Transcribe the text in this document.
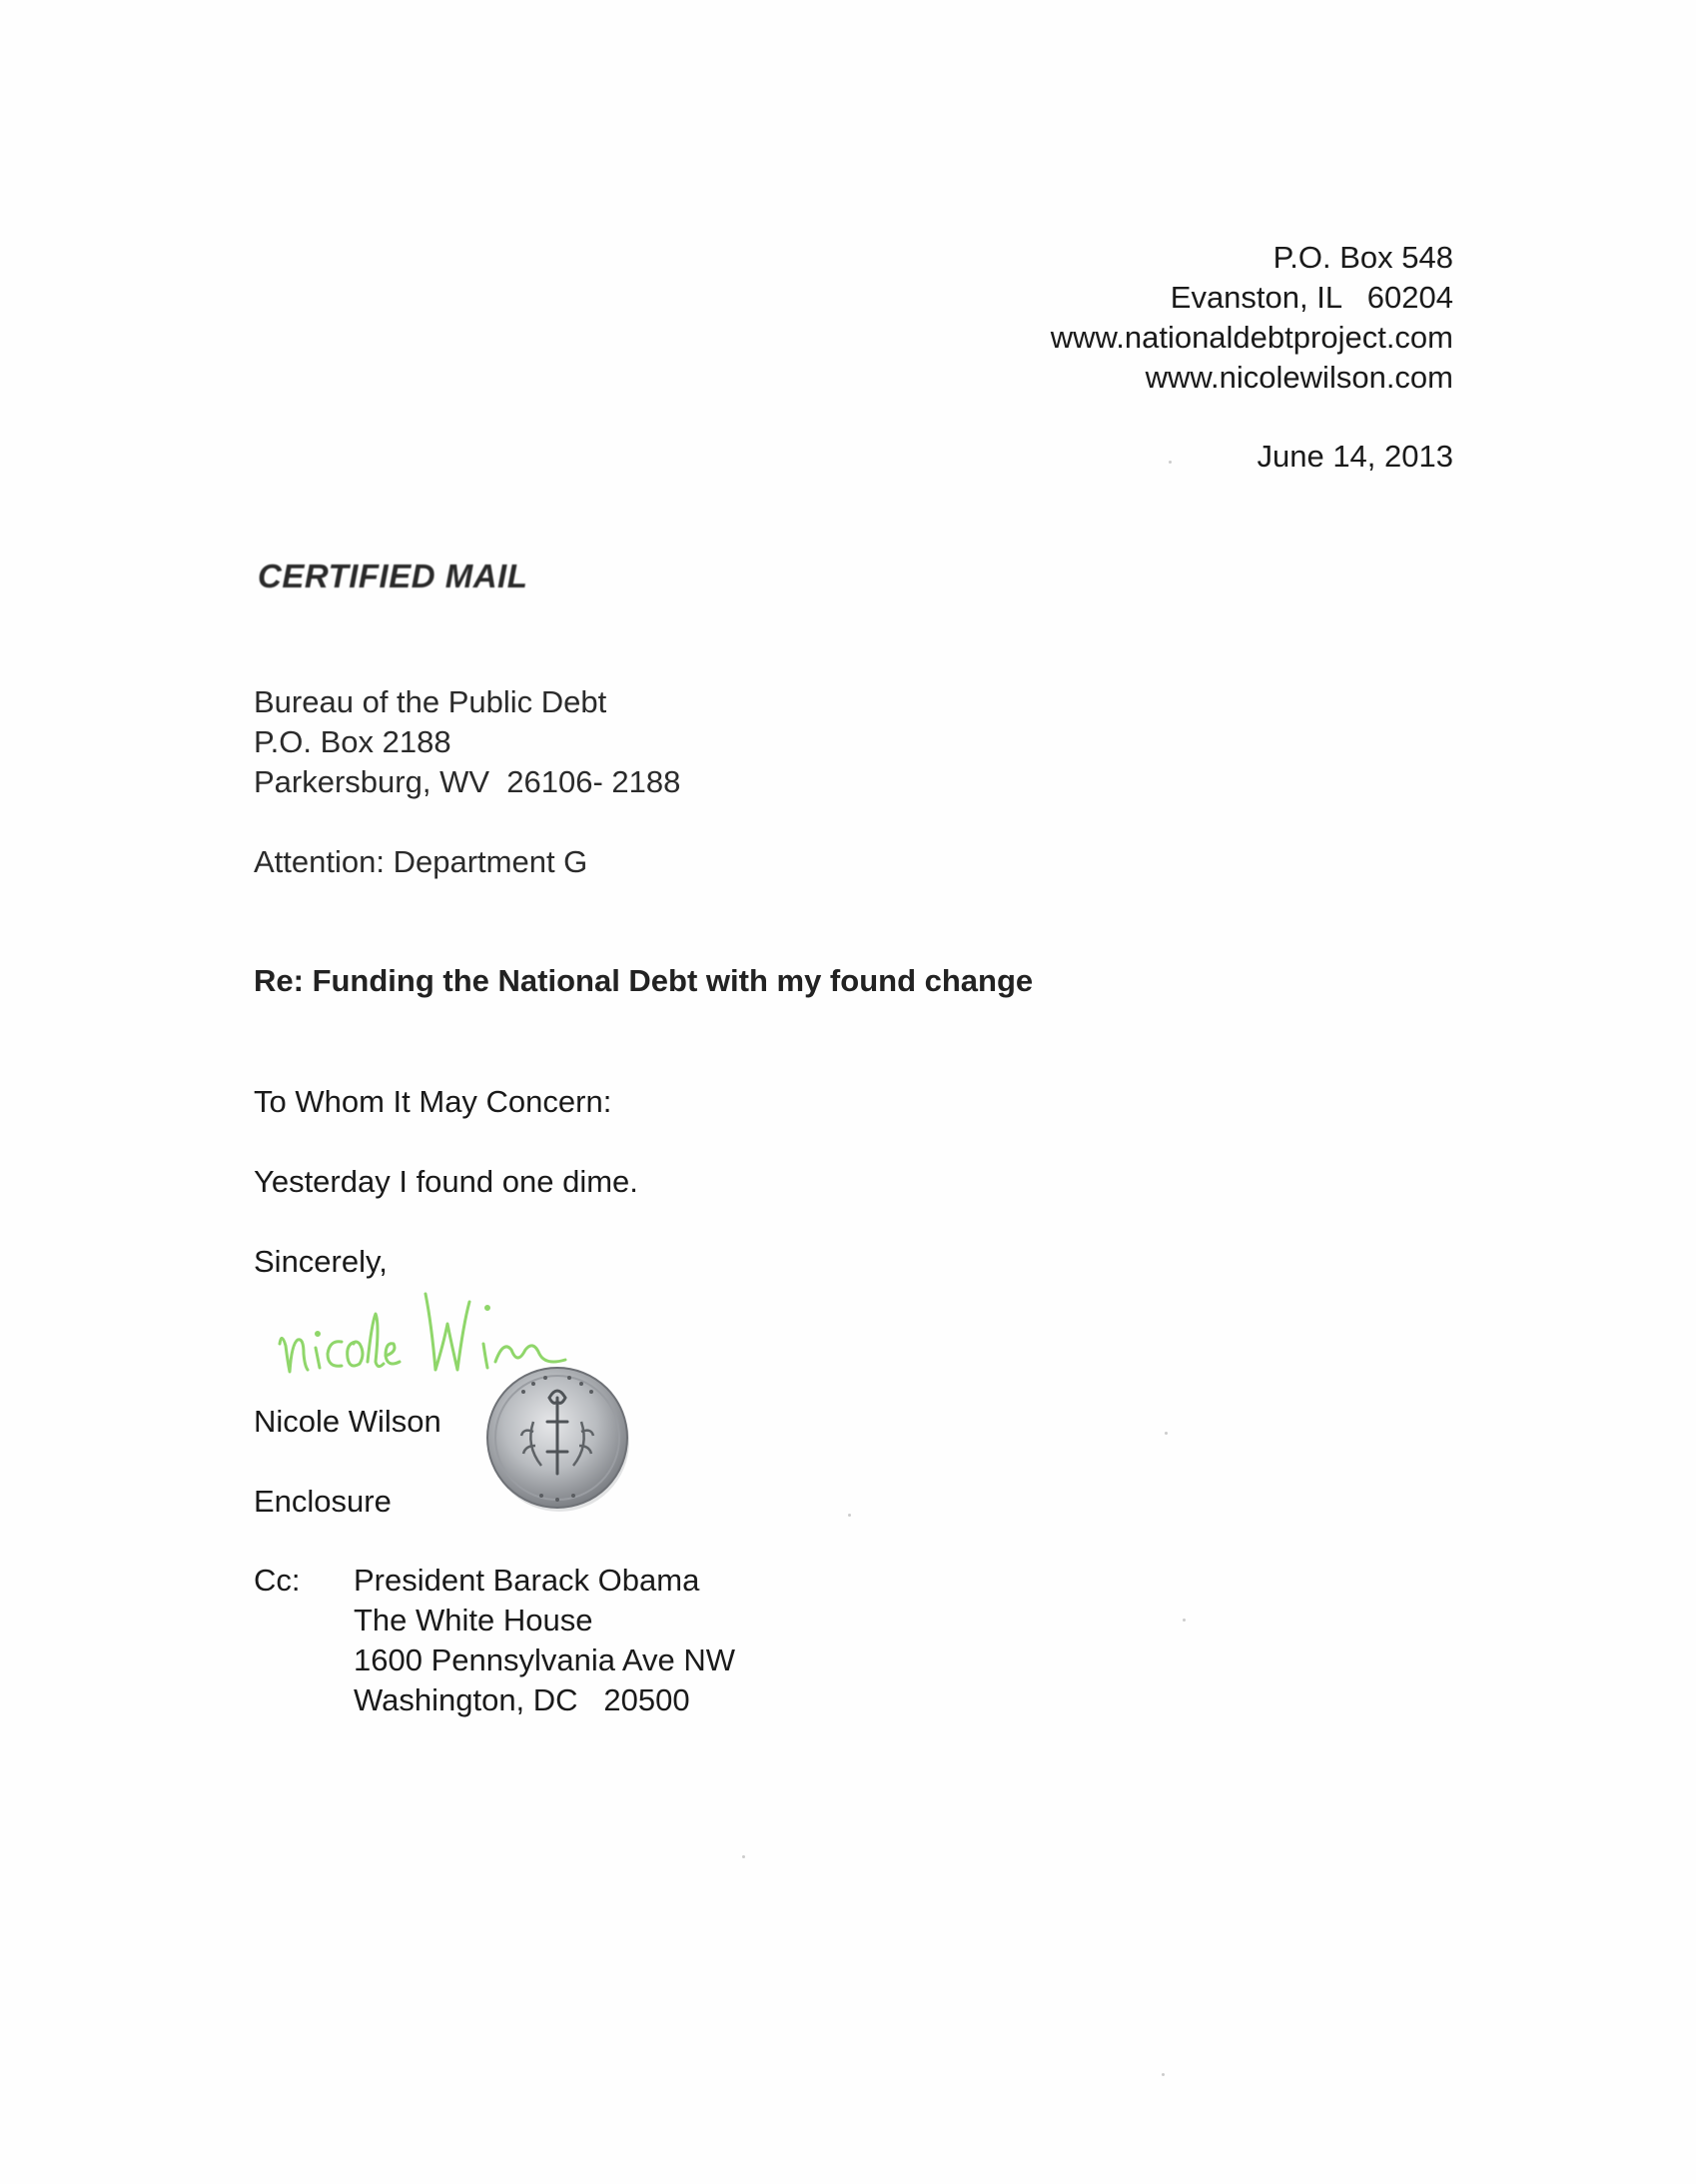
P.O. Box 548
Evanston, IL   60204
www.nationaldebtproject.com
www.nicolewilson.com
June 14, 2013
CERTIFIED MAIL
Bureau of the Public Debt
P.O. Box 2188
Parkersburg, WV  26106- 2188
Attention: Department G
Re: Funding the National Debt with my found change
To Whom It May Concern:
Yesterday I found one dime.
Sincerely,
Nicole Wilson
Enclosure
Cc: President Barack Obama
The White House
1600 Pennsylvania Ave NW
Washington, DC   20500
